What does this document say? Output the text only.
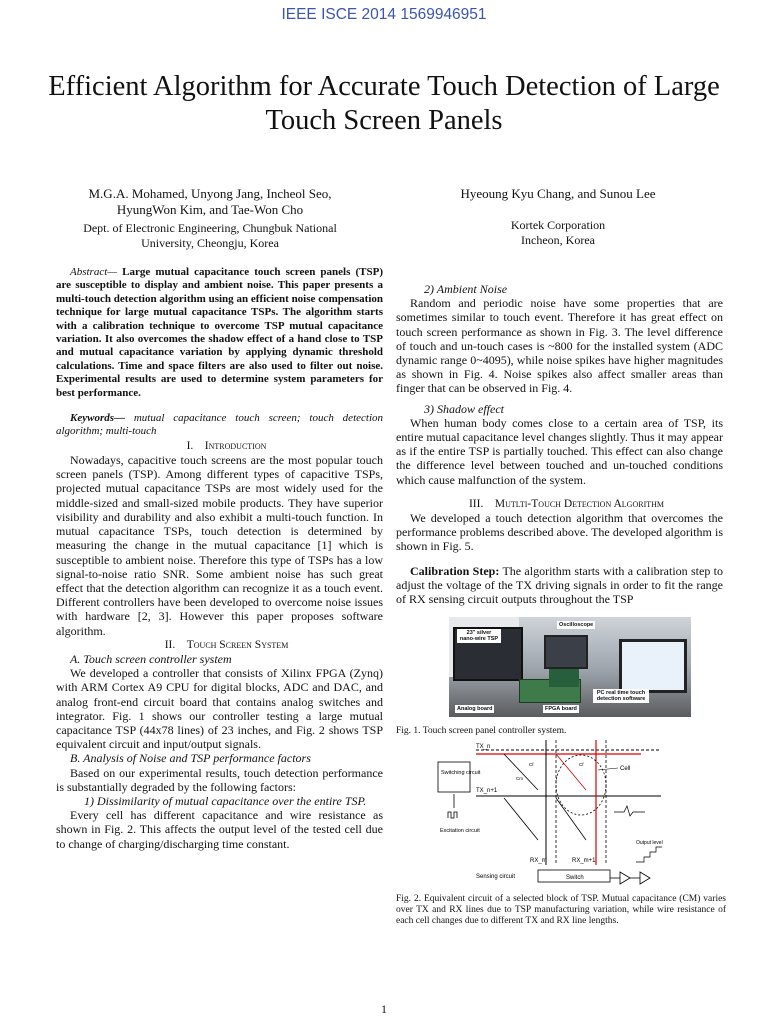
IEEE ISCE 2014 1569946951
Efficient Algorithm for Accurate Touch Detection of Large Touch Screen Panels
M.G.A. Mohamed, Unyong Jang, Incheol Seo, HyungWon Kim, and Tae-Won Cho
Dept. of Electronic Engineering, Chungbuk National University, Cheongju, Korea
Hyeoung Kyu Chang, and Sunou Lee
Kortek Corporation Incheon, Korea

Abstract— Large mutual capacitance touch screen panels (TSP) are susceptible to display and ambient noise. This paper presents a multi-touch detection algorithm using an efficient noise compensation technique for large mutual capacitance TSPs. The algorithm starts with a calibration technique to overcome TSP mutual capacitance variation. It also overcomes the shadow effect of a hand close to TSP and mutual capacitance variation by applying dynamic threshold calculations. Time and space filters are also used to filter out noise. Experimental results are used to determine system parameters for best performance.

Keywords— mutual capacitance touch screen; touch detection algorithm; multi-touch

I. Introduction

Nowadays, capacitive touch screens are the most popular touch screen panels (TSP). Among different types of capacitive TSPs, projected mutual capacitance TSPs are most widely used for the middle-sized and small-sized mobile products. They have superior visibility and durability and also exhibit a multi-touch function. In mutual capacitance TSPs, touch detection is determined by measuring the change in the mutual capacitance [1] which is susceptible to ambient noise. Therefore this type of TSPs has a low signal-to-noise ratio SNR. Some ambient noise has such great effect that the detection algorithm can recognize it as a touch event. Different controllers have been developed to overcome noise issues with hardware [2, 3]. However this paper proposes software algorithm.

II. Touch Screen System

A. Touch screen controller system

We developed a controller that consists of Xilinx FPGA (Zynq) with ARM Cortex A9 CPU for digital blocks, ADC and DAC, and analog front-end circuit board that contains analog switches and integrator. Fig. 1 shows our controller testing a large mutual capacitance TSP (44x78 lines) of 23 inches, and Fig. 2 shows TSP equivalent circuit and input/output signals.

B. Analysis of Noise and TSP performance factors

Based on our experimental results, touch detection performance is substantially degraded by the following factors:

1) Dissimilarity of mutual capacitance over the entire TSP.

Every cell has different capacitance and wire resistance as shown in Fig. 2. This affects the output level of the tested cell due to change of charging/discharging time constant.

2) Ambient Noise

Random and periodic noise have some properties that are sometimes similar to touch event. Therefore it has great effect on touch screen performance as shown in Fig. 3. The level difference of touch and un-touch cases is ~800 for the installed system (ADC dynamic range 0~4095), while noise spikes have higher magnitudes as shown in Fig. 4. Noise spikes also affect smaller areas than finger that can be observed in Fig. 4.

3) Shadow effect

When human body comes close to a certain area of TSP, its entire mutual capacitance level changes slightly. Thus it may appear as if the entire TSP is partially touched. This effect can also change the difference level between touched and un-touched conditions which cause malfunction of the system.

III. Mutlti-Touch Detection Algorithm

We developed a touch detection algorithm that overcomes the performance problems described above. The developed algorithm is shown in Fig. 5.

Calibration Step: The algorithm starts with a calibration step to adjust the voltage of the TX driving signals in order to fit the range of RX sensing circuit outputs throughout the TSP

23" silver nano-wire TSP
Oscilloscope
PC real time touch detection software
Analog board	FPGA board
Fig. 1. Touch screen panel controller system.
Cell
Switching circuit
TX_n
TX_n+1
Excitation circuit
RX_m	RX_m+1
Sensing circuit	Switch
Output level
Cf	Cf
Cm
Fig. 2. Equivalent circuit of a selected block of TSP. Mutual capacitance (CM) varies over TX and RX lines due to TSP manufacturing variation, while wire resistance of each cell changes due to different TX and RX line lengths.
1
